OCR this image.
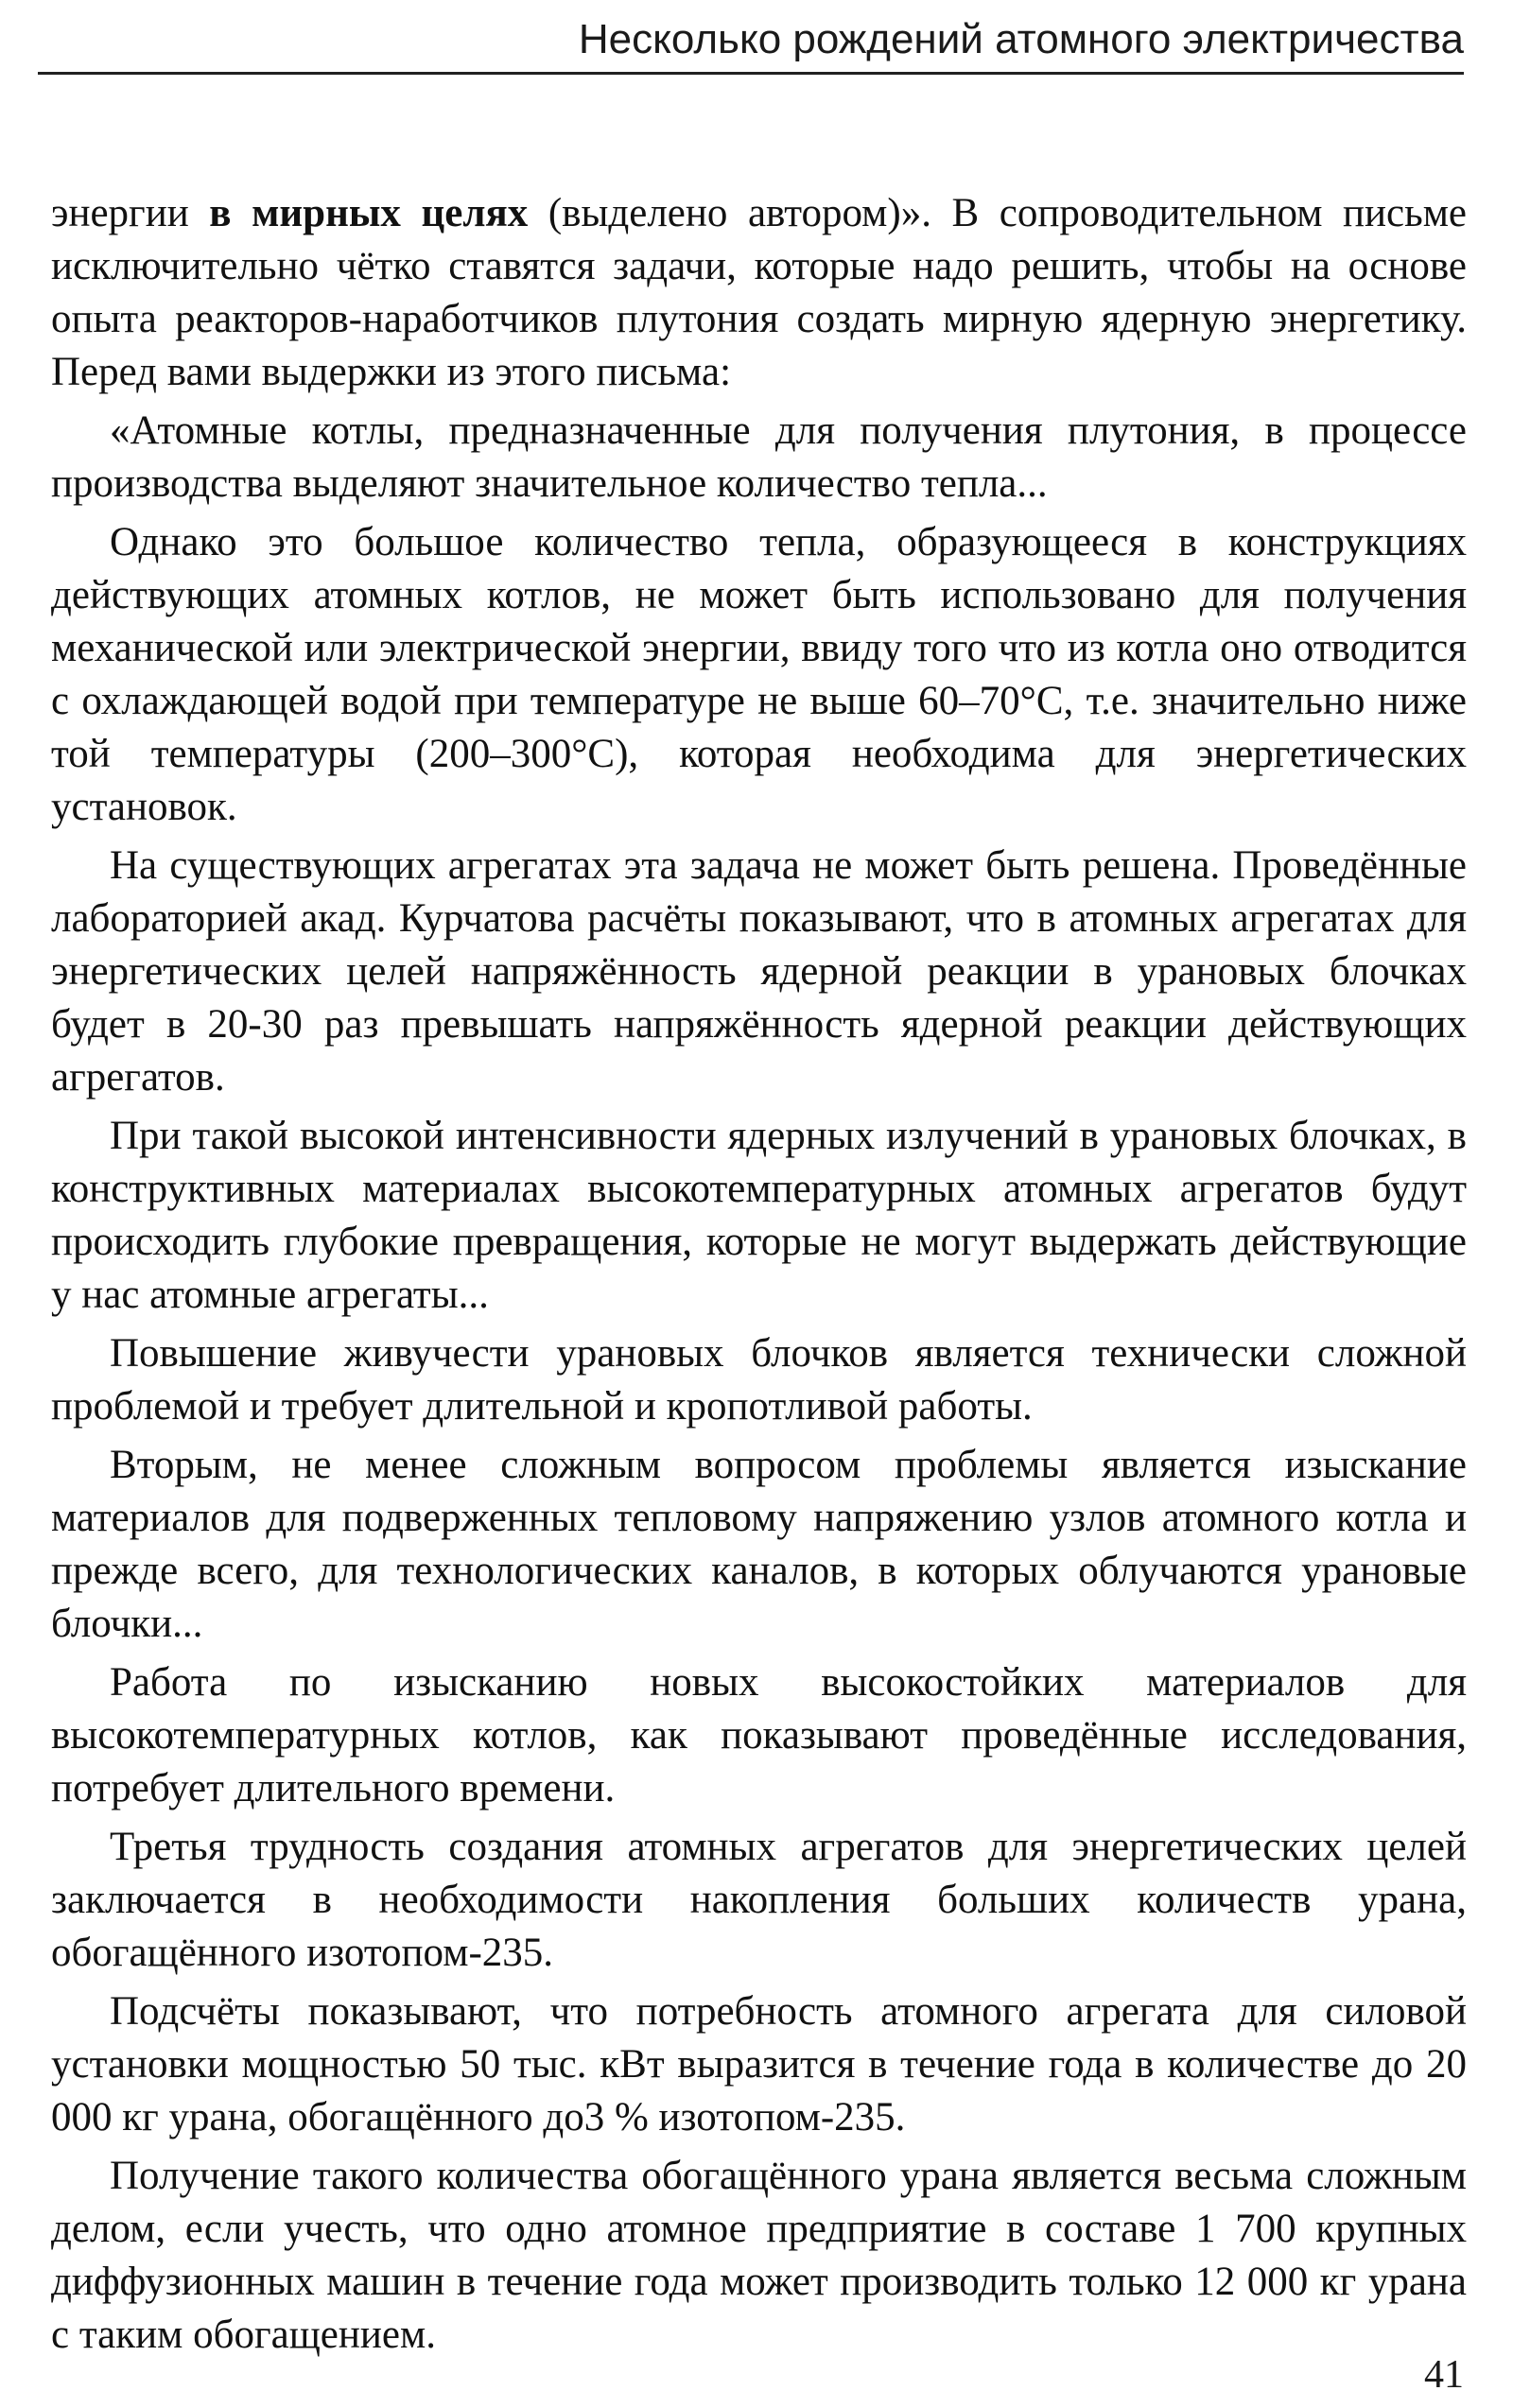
Несколько рождений атомного электричества

энергии в мирных целях (выделено автором)». В сопроводительном письме исключительно чётко ставятся задачи, которые надо решить, чтобы на основе опыта реакторов-наработчиков плутония создать мирную ядерную энергетику. Перед вами выдержки из этого письма:

«Атомные котлы, предназначенные для получения плутония, в процессе производства выделяют значительное количество тепла...

Однако это большое количество тепла, образующееся в конструкциях действующих атомных котлов, не может быть использовано для получения механической или электрической энергии, ввиду того что из котла оно отводится с охлаждающей водой при температуре не выше 60–70°С, т.е. значительно ниже той температуры (200–300°С), которая необходима для энергетических установок.

На существующих агрегатах эта задача не может быть решена. Проведённые лабораторией акад. Курчатова расчёты показывают, что в атомных агрегатах для энергетических целей напряжённость ядерной реакции в урановых блочках будет в 20-30 раз превышать напряжённость ядерной реакции действующих агрегатов.

При такой высокой интенсивности ядерных излучений в урановых блочках, в конструктивных материалах высокотемпературных атомных агрегатов будут происходить глубокие превращения, которые не могут выдержать действующие у нас атомные агрегаты...

Повышение живучести урановых блочков является технически сложной проблемой и требует длительной и кропотливой работы.

Вторым, не менее сложным вопросом проблемы является изыскание материалов для подверженных тепловому напряжению узлов атомного котла и прежде всего, для технологических каналов, в которых облучаются урановые блочки...

Работа по изысканию новых высокостойких материалов для высокотемпературных котлов, как показывают проведённые исследования, потребует длительного времени.

Третья трудность создания атомных агрегатов для энергетических целей заключается в необходимости накопления больших количеств урана, обогащённого изотопом-235.

Подсчёты показывают, что потребность атомного агрегата для силовой установки мощностью 50 тыс. кВт выразится в течение года в количестве до 20 000 кг урана, обогащённого до3 % изотопом-235.

Получение такого количества обогащённого урана является весьма сложным делом, если учесть, что одно атомное предприятие в составе 1 700 крупных диффузионных машин в течение года может производить только 12 000 кг урана с таким обогащением.

41
